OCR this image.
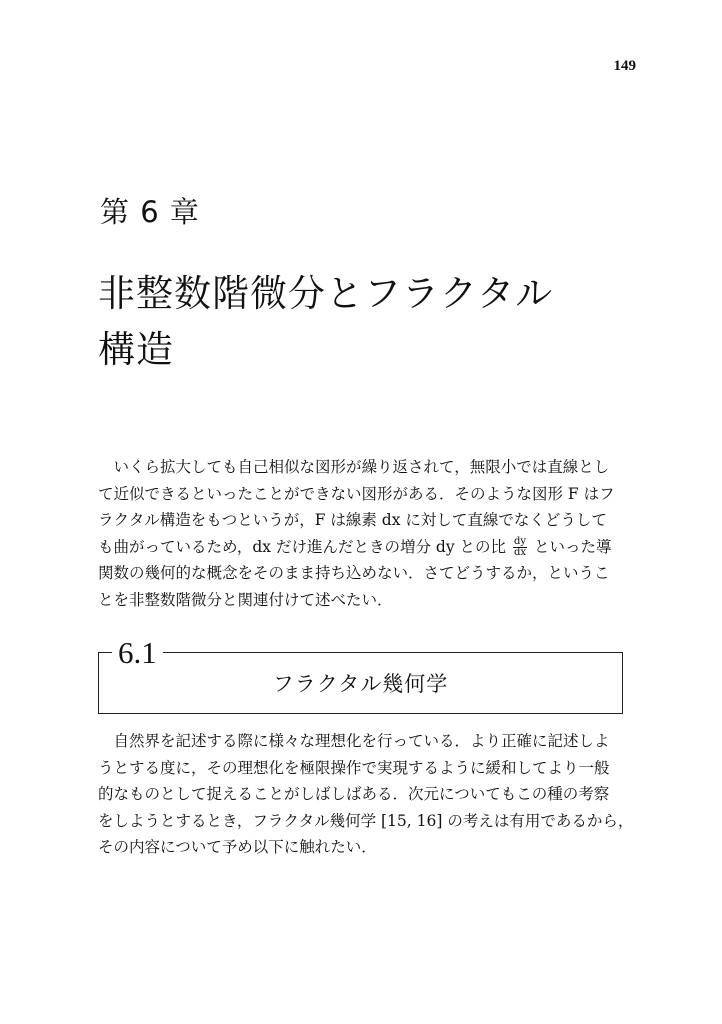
149
第 6 章
非整数階微分とフラクタル
構造
いくら拡大しても自己相似な図形が繰り返されて，無限小では直線とし
て近似できるといったことができない図形がある．そのような図形 F はフ
ラクタル構造をもつというが，F は線素 dx に対して直線でなくどうして
も曲がっているため，dx だけ進んだときの増分 dy との比 $\frac{dy}{dx}$ といった導
関数の幾何的な概念をそのまま持ち込めない．さてどうするか，というこ
とを非整数階微分と関連付けて述べたい．
6.1
フラクタル幾何学
自然界を記述する際に様々な理想化を行っている．より正確に記述しよ
うとする度に，その理想化を極限操作で実現するように緩和してより一般
的なものとして捉えることがしばしばある．次元についてもこの種の考察
をしようとするとき，フラクタル幾何学 [15, 16] の考えは有用であるから，
その内容について予め以下に触れたい．
